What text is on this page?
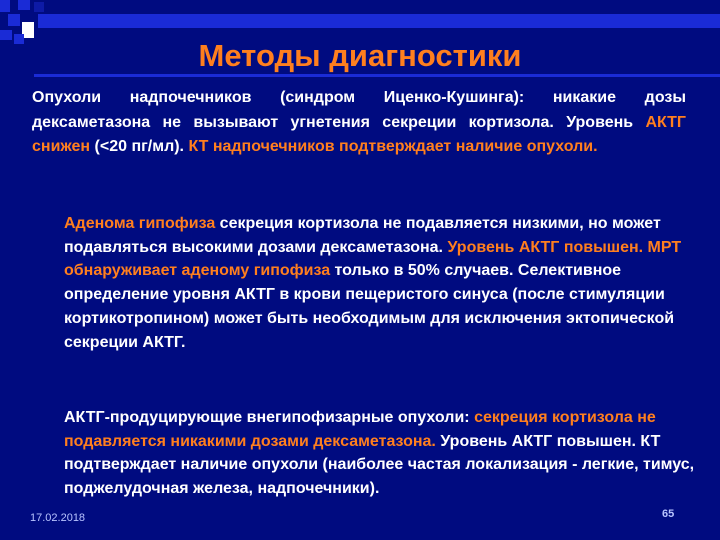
Методы диагностики
Опухоли надпочечников (синдром Иценко-Кушинга): никакие дозы дексаметазона не вызывают угнетения секреции кортизола. Уровень АКТГ снижен (<20 пг/мл). КТ надпочечников подтверждает наличие опухоли.
Аденома гипофиза секреция кортизола не подавляется низкими, но может подавляться высокими дозами дексаметазона. Уровень АКТГ повышен. МРТ обнаруживает аденому гипофиза только в 50% случаев. Селективное определение уровня АКТГ в крови пещеристого синуса (после стимуляции кортикотропином) может быть необходимым для исключения эктопической секреции АКТГ.
АКТГ-продуцирующие внегипофизарные опухоли: секреция кортизола не подавляется никакими дозами дексаметазона. Уровень АКТГ повышен. КТ подтверждает наличие опухоли (наиболее частая локализация - легкие, тимус, поджелудочная железа, надпочечники).
17.02.2018	65
